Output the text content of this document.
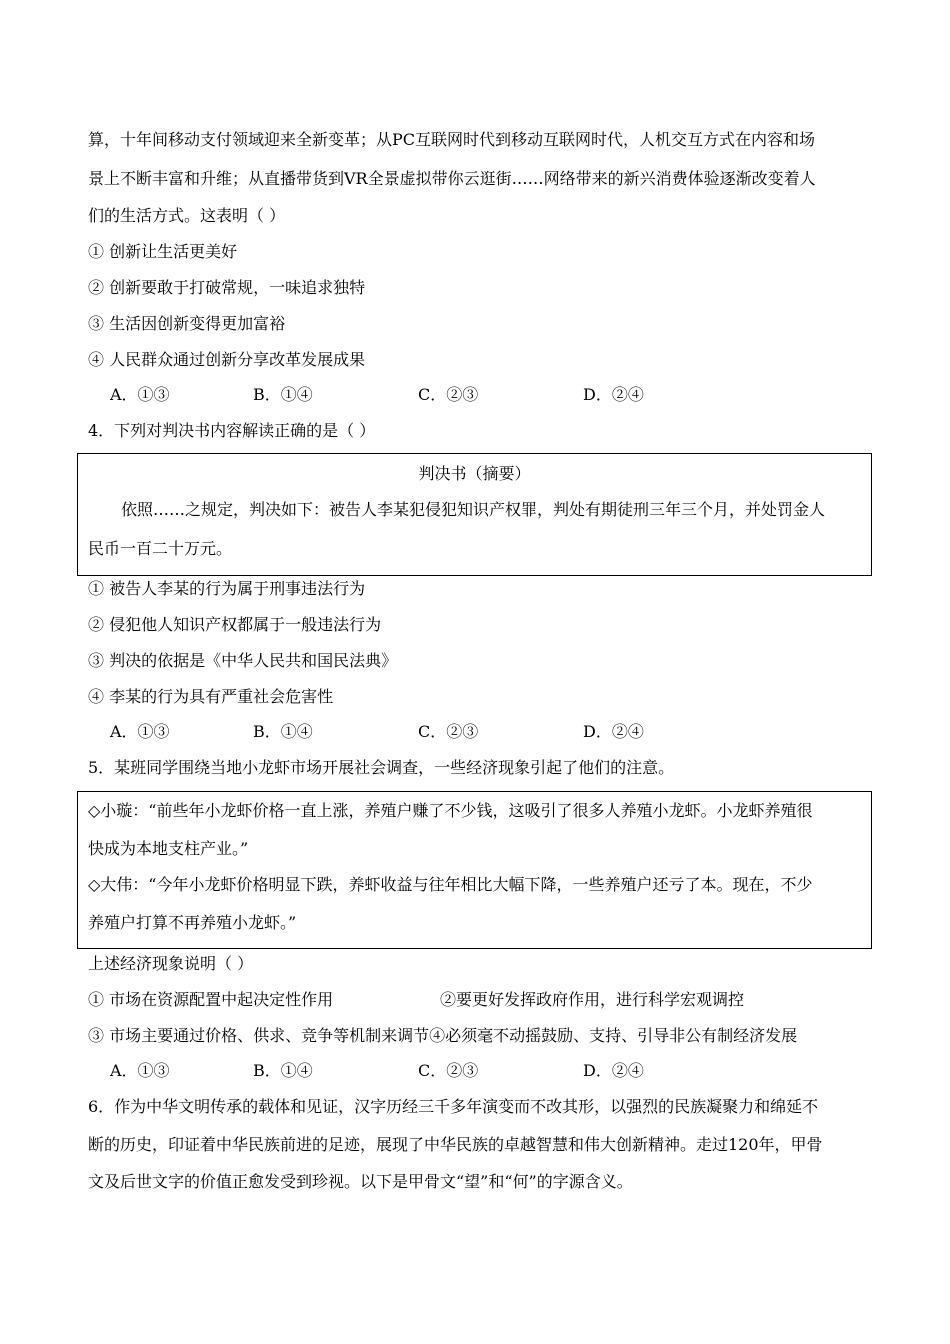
算，十年间移动支付领域迎来全新变革；从PC互联网时代到移动互联网时代，人机交互方式在内容和场
景上不断丰富和升维；从直播带货到VR全景虚拟带你云逛街……网络带来的新兴消费体验逐渐改变着人
们的生活方式。这表明（ ）
① 创新让生活更美好
② 创新要敢于打破常规，一味追求独特
③ 生活因创新变得更加富裕
④ 人民群众通过创新分享改革发展成果
A．①③	B．①④	C．②③	D．②④
4．下列对判决书内容解读正确的是（ ）
判决书（摘要）
依照……之规定，判决如下：被告人李某犯侵犯知识产权罪，判处有期徒刑三年三个月，并处罚金人
民币一百二十万元。
① 被告人李某的行为属于刑事违法行为
② 侵犯他人知识产权都属于一般违法行为
③ 判决的依据是《中华人民共和国民法典》
④ 李某的行为具有严重社会危害性
A．①③	B．①④	C．②③	D．②④
5．某班同学围绕当地小龙虾市场开展社会调查，一些经济现象引起了他们的注意。
◇小璇：“前些年小龙虾价格一直上涨，养殖户赚了不少钱，这吸引了很多人养殖小龙虾。小龙虾养殖很
快成为本地支柱产业。”
◇大伟：“今年小龙虾价格明显下跌，养虾收益与往年相比大幅下降，一些养殖户还亏了本。现在，不少
养殖户打算不再养殖小龙虾。”
上述经济现象说明（ ）
① 市场在资源配置中起决定性作用	②要更好发挥政府作用，进行科学宏观调控
③ 市场主要通过价格、供求、竞争等机制来调节④必须毫不动摇鼓励、支持、引导非公有制经济发展
A．①③	B．①④	C．②③	D．②④
6．作为中华文明传承的载体和见证，汉字历经三千多年演变而不改其形，以强烈的民族凝聚力和绵延不
断的历史，印证着中华民族前进的足迹，展现了中华民族的卓越智慧和伟大创新精神。走过120年，甲骨
文及后世文字的价值正愈发受到珍视。以下是甲骨文“望”和“何”的字源含义。
